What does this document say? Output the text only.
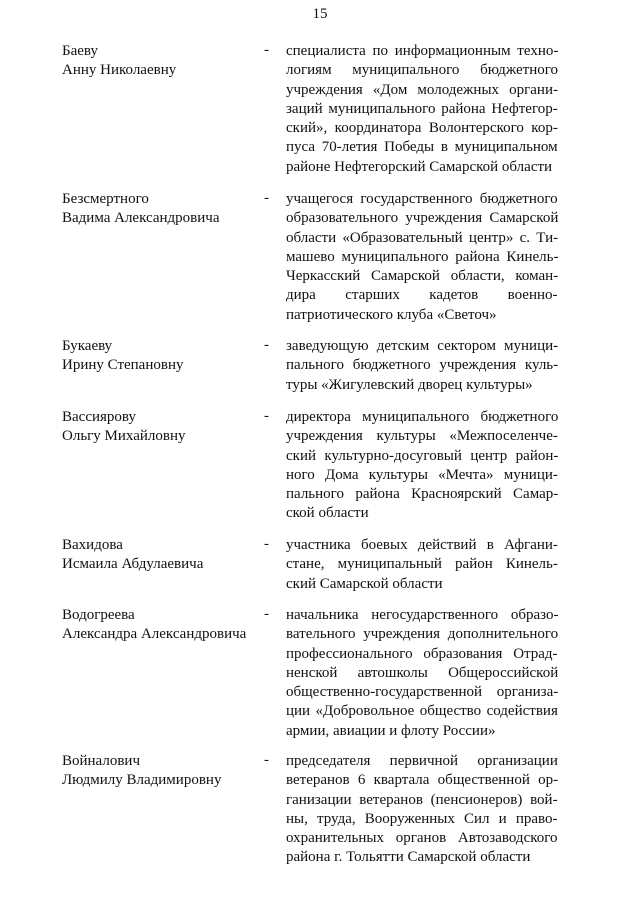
15
Баеву
Анну Николаевну
- специалиста по информационным техно-
логиям муниципального бюджетного
учреждения «Дом молодежных органи-
заций муниципального района Нефтегор-
ский», координатора Волонтерского кор-
пуса 70-летия Победы в муниципальном
районе Нефтегорский Самарской области
Безсмертного
Вадима Александровича
- учащегося государственного бюджетного
образовательного учреждения Самарской
области «Образовательный центр» с. Ти-
машево муниципального района Кинель-
Черкасский Самарской области, коман-
дира старших кадетов военно-
патриотического клуба «Светоч»
Букаеву
Ирину Степановну
- заведующую детским сектором муници-
пального бюджетного учреждения куль-
туры «Жигулевский дворец культуры»
Вассиярову
Ольгу Михайловну
- директора муниципального бюджетного
учреждения культуры «Межпоселенче-
ский культурно-досуговый центр район-
ного Дома культуры «Мечта» муници-
пального района Красноярский Самар-
ской области
Вахидова
Исмаила Абдулаевича
- участника боевых действий в Афгани-
стане, муниципальный район Кинель-
ский Самарской области
Водогреева
Александра Александровича
- начальника негосударственного образо-
вательного учреждения дополнительного
профессионального образования Отрад-
ненской автошколы Общероссийской
общественно-государственной организа-
ции «Добровольное общество содействия
армии, авиации и флоту России»
Войналович
Людмилу Владимировну
- председателя первичной организации
ветеранов 6 квартала общественной ор-
ганизации ветеранов (пенсионеров) вой-
ны, труда, Вооруженных Сил и право-
охранительных органов Автозаводского
района г. Тольятти Самарской области
